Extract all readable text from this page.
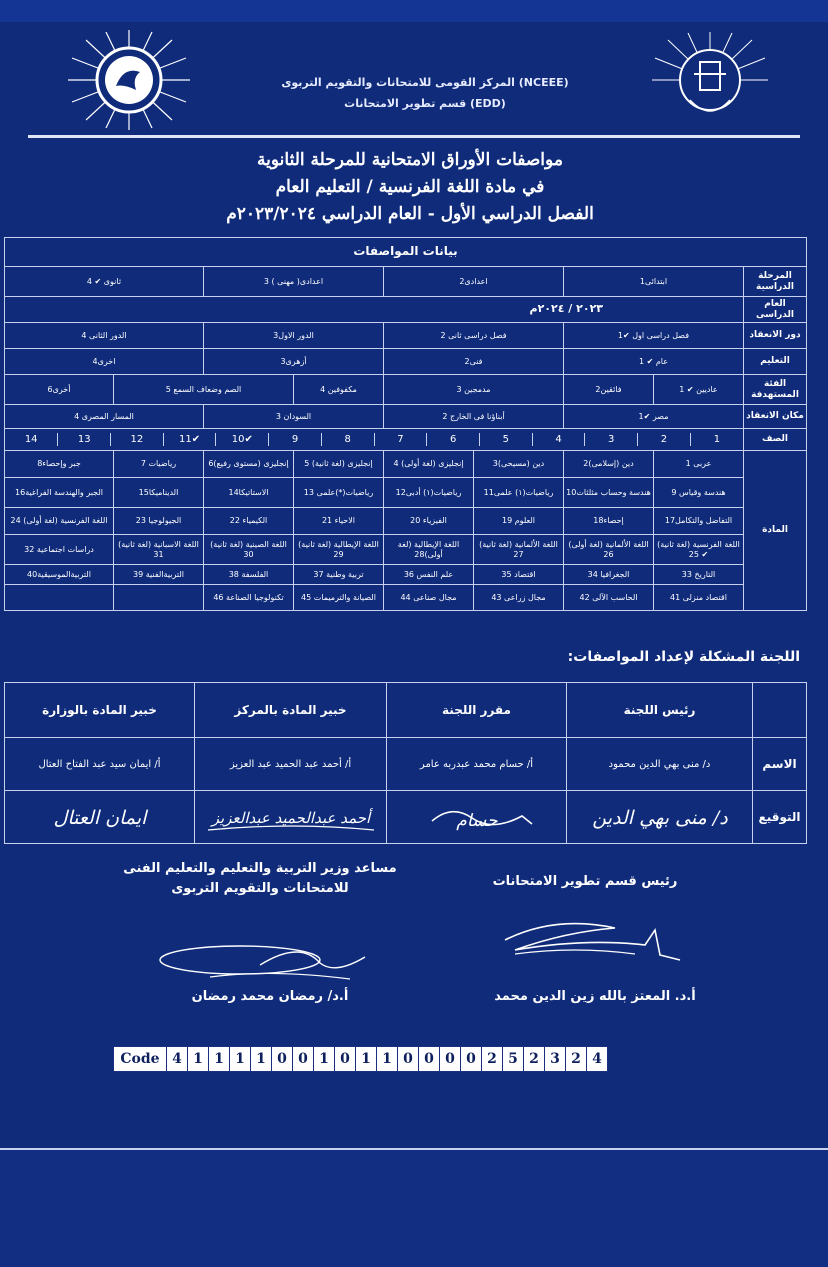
المركز القومى للامتحانات والتقويم التربوى (NCEEE)
قسم تطوير الامتحانات (EDD)
مواصفات الأوراق الامتحانية للمرحلة الثانوية
في مادة اللغة الفرنسية / التعليم العام
الفصل الدراسي الأول - العام الدراسي ٢٠٢٣/٢٠٢٤م
بيانات المواصفات
المرحلة الدراسية	ابتدائى1	اعدادى2	اعدادى( مهنى ) 3	ثانوى ✔ 4
العام الدراسى	٢٠٢٣ / ٢٠٢٤م
دور الانعقاد	فصل دراسى اول ✔1	فصل دراسى ثانى 2	الدور الاول3	الدور الثانى 4
التعليم	عام ✔ 1	فنى2	أزهرى3	اخرى4
الفئة المستهدفة	عاديين ✔ 1	فائقين2	مدمجين 3	مكفوفين 4	الصم وضعاف السمع 5	أخرى6
مكان الانعقاد	مصر ✔1	أبناؤنا فى الخارج 2	السودان 3	المسار المصرى 4
الصف	
1	2	3	4	5	6	7	8	9	✔10	✔11	12	13	14

المادة	عربى 1	دين (إسلامى)2	دين (مسيحى)3	إنجليزى (لغة أولى) 4	إنجليزى (لغة ثانية) 5	إنجليزى (مستوى رفيع)6	رياضيات 7	جبر وإحصاء8
هندسة وقياس 9	هندسة وحساب مثلثات10	رياضيات(١) علمى11	رياضيات(١) أدبى12	رياضيات(*)علمى 13	الاستاتيكا14	الديناميكا15	الجبر والهندسة الفراغية16
التفاضل والتكامل17	إحصاء18	العلوم 19	الفيزياء 20	الاحياء 21	الكيمياء 22	الجيولوجيا 23	اللغة الفرنسية (لغة أولى) 24
اللغة الفرنسية (لغة ثانية) ✔ 25	اللغة الألمانية (لغة أولى) 26	اللغة الألمانية (لغة ثانية) 27	اللغة الإيطالية (لغة أولى)28	اللغة الإيطالية (لغة ثانية) 29	اللغة الصينية (لغة ثانية) 30	اللغة الاسبانية (لغة ثانية) 31	دراسات اجتماعية 32
التاريخ 33	الجغرافيا 34	اقتصاد 35	علم النفس 36	تربية وطنية 37	الفلسفة 38	التربيةالفنية 39	التربيةالموسيقية40
اقتصاد منزلى 41	الحاسب الآلى 42	مجال زراعى 43	مجال صناعى 44	الصيانة والترميمات 45	تكنولوجيا الصناعة 46		
اللجنة المشكلة لإعداد المواصفات:
	رئيس اللجنة	مقرر اللجنة	خبير المادة بالمركز	خبير المادة بالوزارة
الاسم	د/ منى بهي الدين محمود	أ/ حسام محمد عبدربه عامر	أ/ أحمد عبد الحميد عبد العزيز	أ/ ايمان سيد عبد الفتاح العتال
التوقيع	د/ منى بهي الدين	حسام	أحمد عبدالحميد عبدالعزيز	ايمان العتال
رئيس قسم تطوير الامتحانات
أ.د. المعتز بالله زين الدين محمد
مساعد وزير التربية والتعليم والتعليم الفنى
للامتحانات والتقويم التربوى
أ.د/ رمضان محمد رمضان
Code	4	1	1	1	1	0	0	1	0	1	1	0	0	0	0	2	5	2	3	2	4
